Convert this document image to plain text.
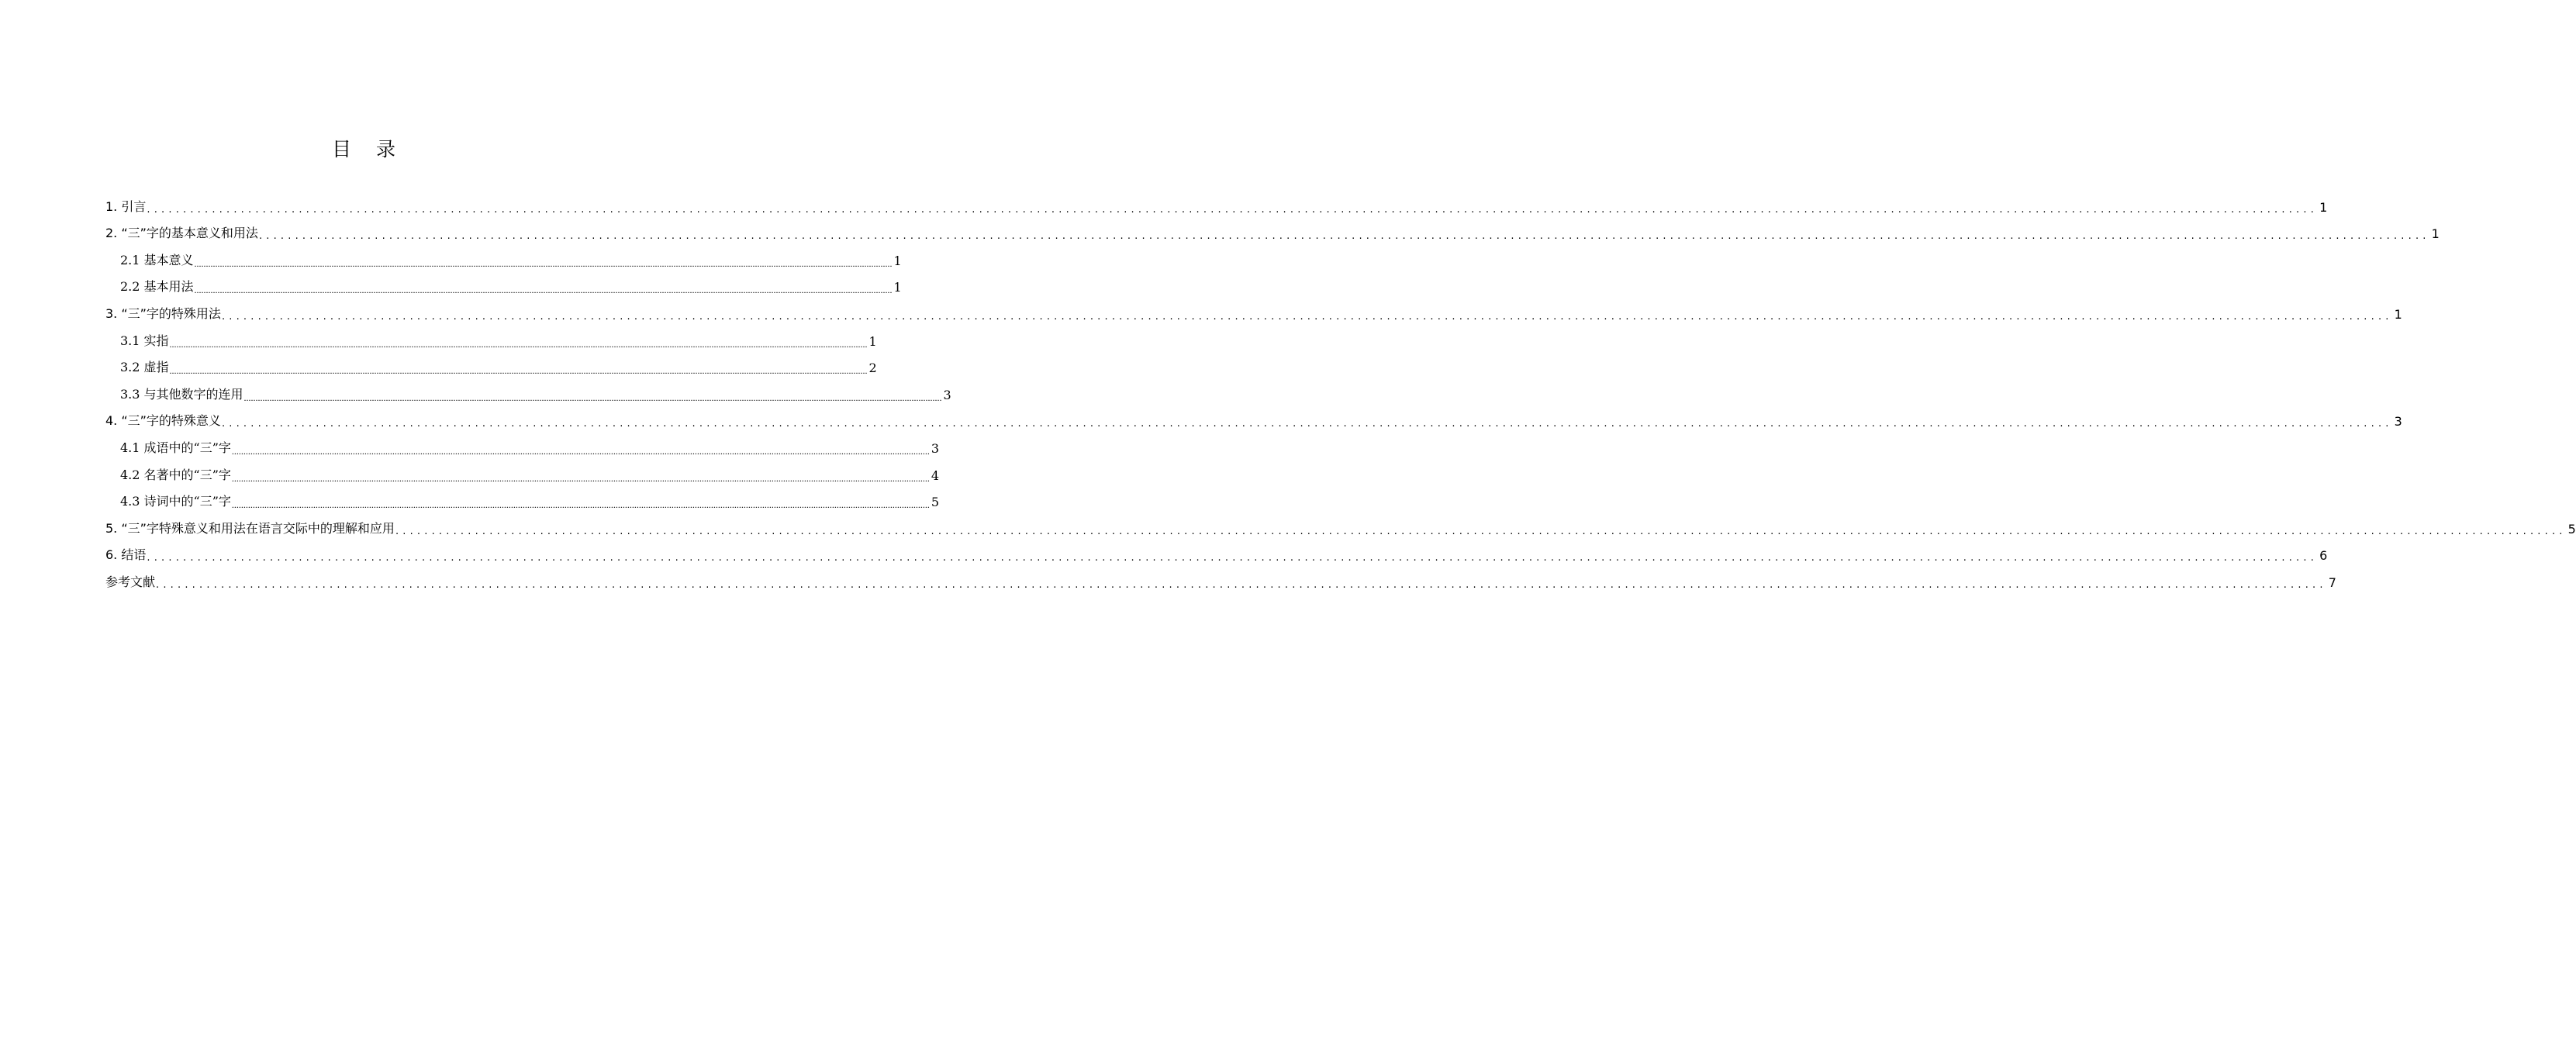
目 录
1. 引言 ............................................................................................................................................................................................................................................................................................................ 1
2. “三”字的基本意义和用法 ............................................................................................................................................................................................................................................................................................................ 1
2.1 基本意义 ............................................................................................................................................................................................................................................................................................................ 1
2.2 基本用法 ............................................................................................................................................................................................................................................................................................................ 1
3. “三”字的特殊用法 ............................................................................................................................................................................................................................................................................................................ 1
3.1 实指 ............................................................................................................................................................................................................................................................................................................ 1
3.2 虚指 ............................................................................................................................................................................................................................................................................................................ 2
3.3 与其他数字的连用 ............................................................................................................................................................................................................................................................................................................ 3
4. “三”字的特殊意义 ............................................................................................................................................................................................................................................................................................................ 3
4.1 成语中的“三”字 ............................................................................................................................................................................................................................................................................................................ 3
4.2 名著中的“三”字 ............................................................................................................................................................................................................................................................................................................ 4
4.3 诗词中的“三”字 ............................................................................................................................................................................................................................................................................................................ 5
5. “三”字特殊意义和用法在语言交际中的理解和应用 ............................................................................................................................................................................................................................................................................................................ 5
6. 结语 ............................................................................................................................................................................................................................................................................................................ 6
参考文献 ............................................................................................................................................................................................................................................................................................................ 7
